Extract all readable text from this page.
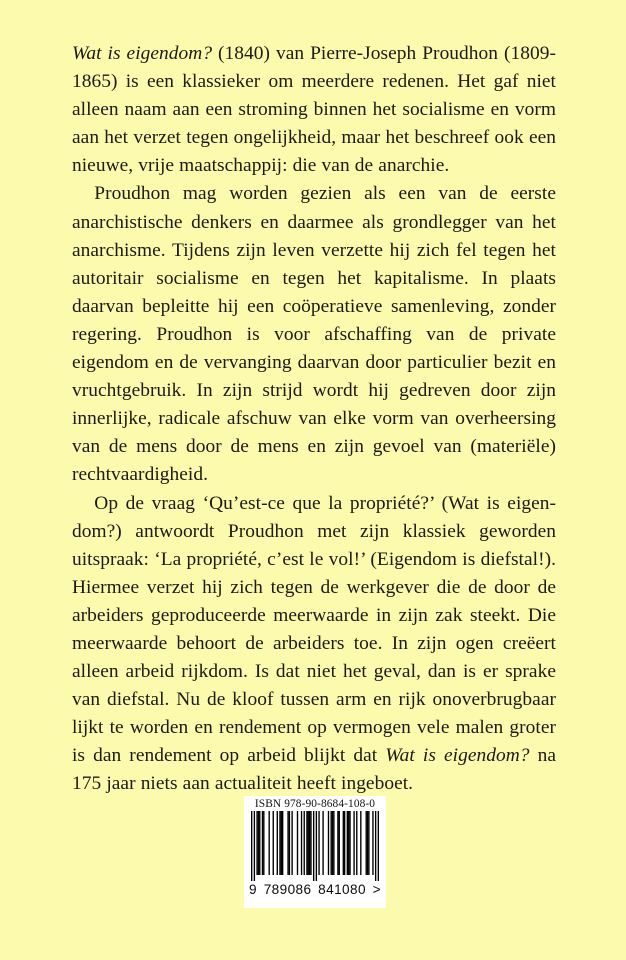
Wat is eigendom? (1840) van Pierre-Joseph Proudhon (1809-1865) is een klassieker om meerdere redenen. Het gaf niet alleen naam aan een stroming binnen het socialisme en vorm aan het verzet tegen ongelijkheid, maar het beschreef ook een nieuwe, vrije maatschappij: die van de anarchie.

Proudhon mag worden gezien als een van de eerste anarchistische denkers en daarmee als grondlegger van het anarchisme. Tijdens zijn leven verzette hij zich fel tegen het autoritair socialisme en tegen het kapitalisme. In plaats daarvan bepleitte hij een coöperatieve samenleving, zonder regering. Proudhon is voor afschaffing van de private eigendom en de vervanging daarvan door particulier bezit en vruchtgebruik. In zijn strijd wordt hij gedreven door zijn innerlijke, radicale afschuw van elke vorm van overheersing van de mens door de mens en zijn gevoel van (materiële) rechtvaardigheid.

Op de vraag ‘Qu’est-ce que la propriété?’ (Wat is eigendom?) antwoordt Proudhon met zijn klassiek geworden uitspraak: ‘La propriété, c’est le vol!’ (Eigendom is diefstal!). Hiermee verzet hij zich tegen de werkgever die de door de arbeiders geproduceerde meerwaarde in zijn zak steekt. Die meerwaarde behoort de arbeiders toe. In zijn ogen creëert alleen arbeid rijkdom. Is dat niet het geval, dan is er sprake van diefstal. Nu de kloof tussen arm en rijk onoverbrugbaar lijkt te worden en rendement op vermogen vele malen groter is dan rendement op arbeid blijkt dat Wat is eigendom? na 175 jaar niets aan actualiteit heeft ingeboet.

ISBN 978-90-8684-108-0
9 789086 841080 >
